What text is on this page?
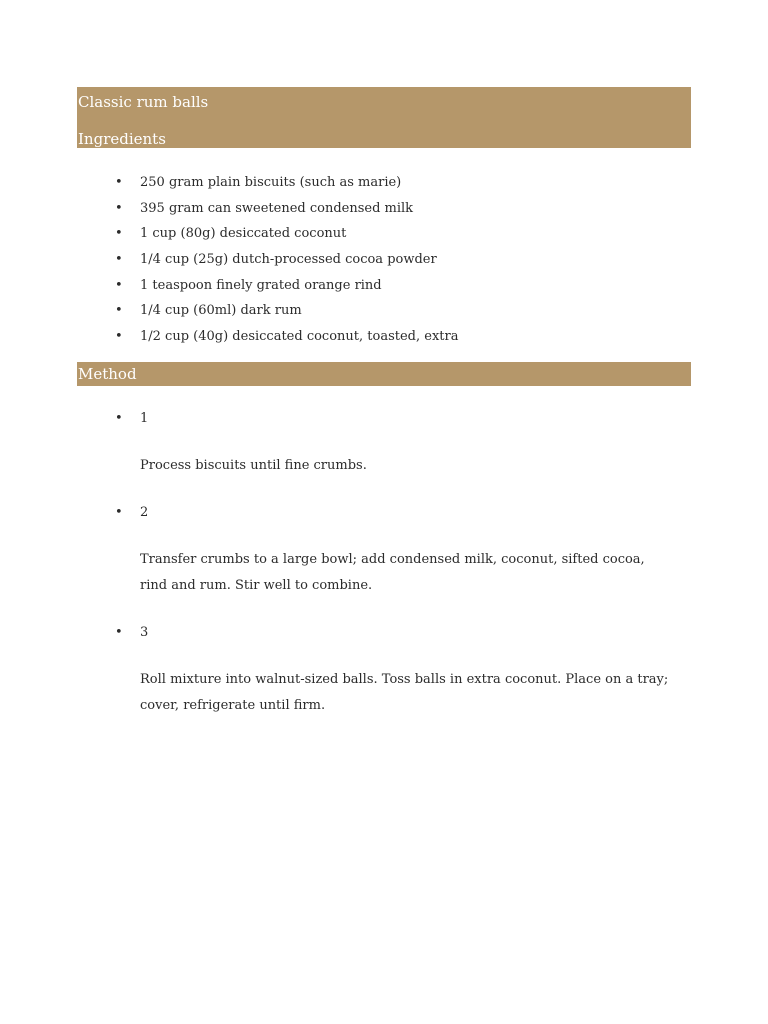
Classic rum balls
Ingredients
• 250 gram plain biscuits (such as marie)
• 395 gram can sweetened condensed milk
• 1 cup (80g) desiccated coconut
• 1/4 cup (25g) dutch-processed cocoa powder
• 1 teaspoon finely grated orange rind
• 1/4 cup (60ml) dark rum
• 1/2 cup (40g) desiccated coconut, toasted, extra
Method
• 1
Process biscuits until fine crumbs.
• 2
Transfer crumbs to a large bowl; add condensed milk, coconut, sifted cocoa, rind and rum. Stir well to combine.
• 3
Roll mixture into walnut-sized balls. Toss balls in extra coconut. Place on a tray; cover, refrigerate until firm.
